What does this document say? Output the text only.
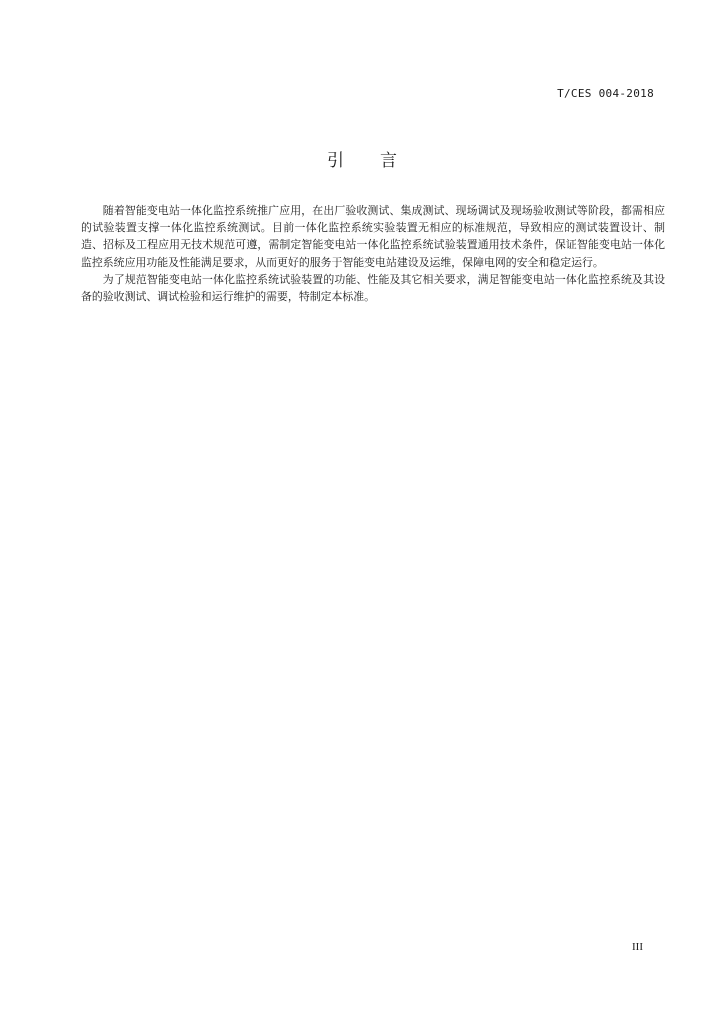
T/CES 004-2018
引言

随着智能变电站一体化监控系统推广应用，在出厂验收测试、集成测试、现场调试及现场验收测试等阶段，都需相应的试验装置支撑一体化监控系统测试。目前一体化监控系统实验装置无相应的标准规范，导致相应的测试装置设计、制造、招标及工程应用无技术规范可遵，需制定智能变电站一体化监控系统试验装置通用技术条件，保证智能变电站一体化监控系统应用功能及性能满足要求，从而更好的服务于智能变电站建设及运维，保障电网的安全和稳定运行。

为了规范智能变电站一体化监控系统试验装置的功能、性能及其它相关要求，满足智能变电站一体化监控系统及其设备的验收测试、调试检验和运行维护的需要，特制定本标准。

III
